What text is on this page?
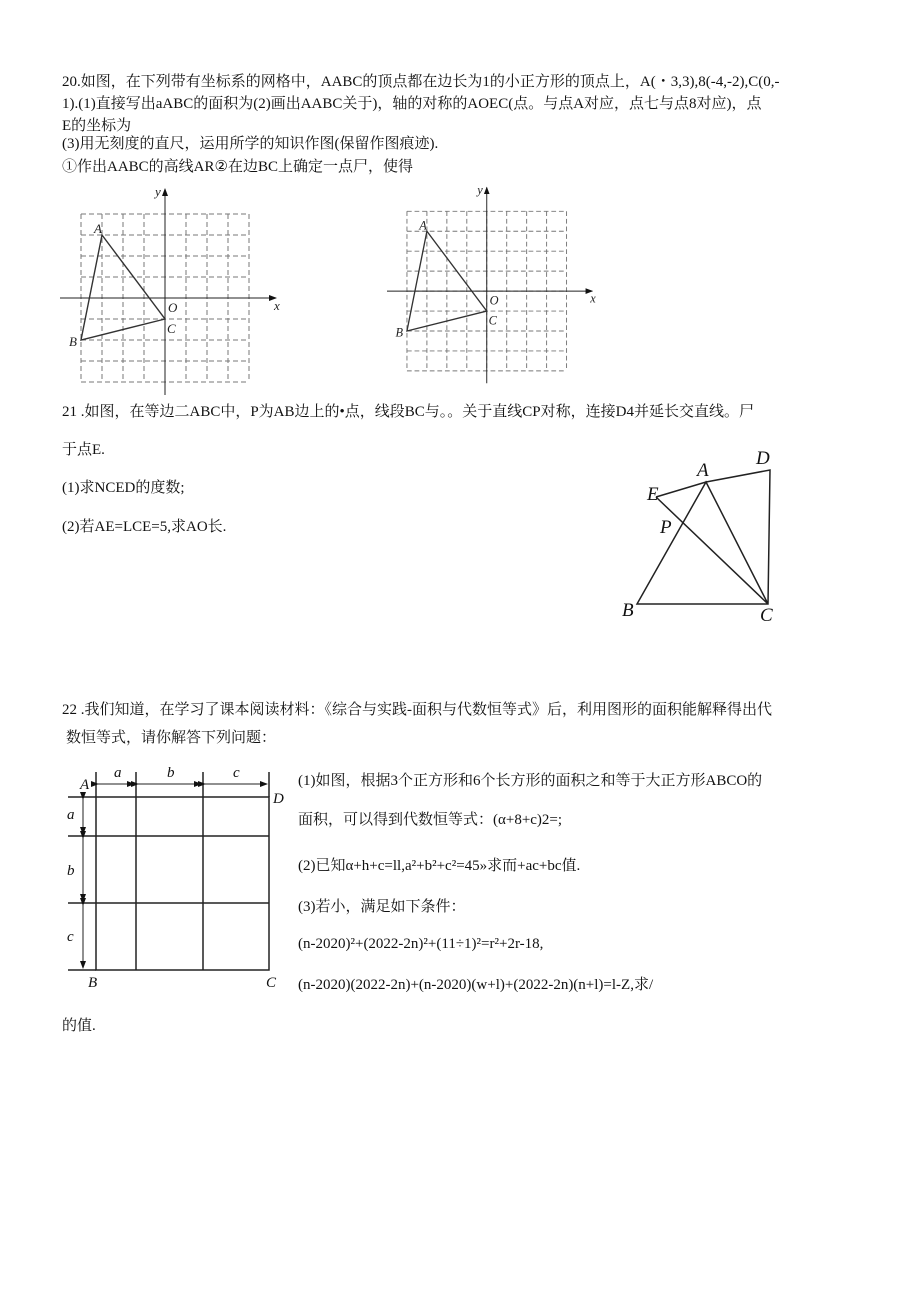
20.如图，在下列带有坐标系的网格中，AABC的顶点都在边长为1的小正方形的顶点上，A(・3,3),8(-4,-2),C(0,-
1).(1)直接写出aABC的面积为(2)画出AABC关于)，轴的对称的AOEC(点。与点A对应，点七与点8对应)，点
E的坐标为
(3)用无刻度的直尺，运用所学的知识作图(保留作图痕迹).
①作出AABC的高线AR②在边BC上确定一点尸，使得
A
B
C
O	x
y
A
B
C
O	x
y
E
A
D
P
B	C
A
D
B	C
a	b	c
a
b
c
21 .如图，在等边二ABC中，P为AB边上的•点，线段BC与。。关于直线CP对称，连接D4并延长交直线。尸
于点E.
(1)求NCED的度数;
(2)若AE=LCE=5,求AO长.
22 .我们知道，在学习了课本阅读材料：《综合与实践-面积与代数恒等式》后，利用图形的面积能解释得出代
数恒等式，请你解答下列问题：
(1)如图，根据3个正方形和6个长方形的面积之和等于大正方形ABCO的
面积，可以得到代数恒等式：(α+8+c)2=;
(2)已知α+h+c=ll,a²+b²+c²=45»求而+ac+bc值.
(3)若小，满足如下条件：
(n-2020)²+(2022-2n)²+(11÷1)²=r²+2r-18,
(n-2020)(2022-2n)+(n-2020)(w+l)+(2022-2n)(n+l)=l-Z,求/
的值.
